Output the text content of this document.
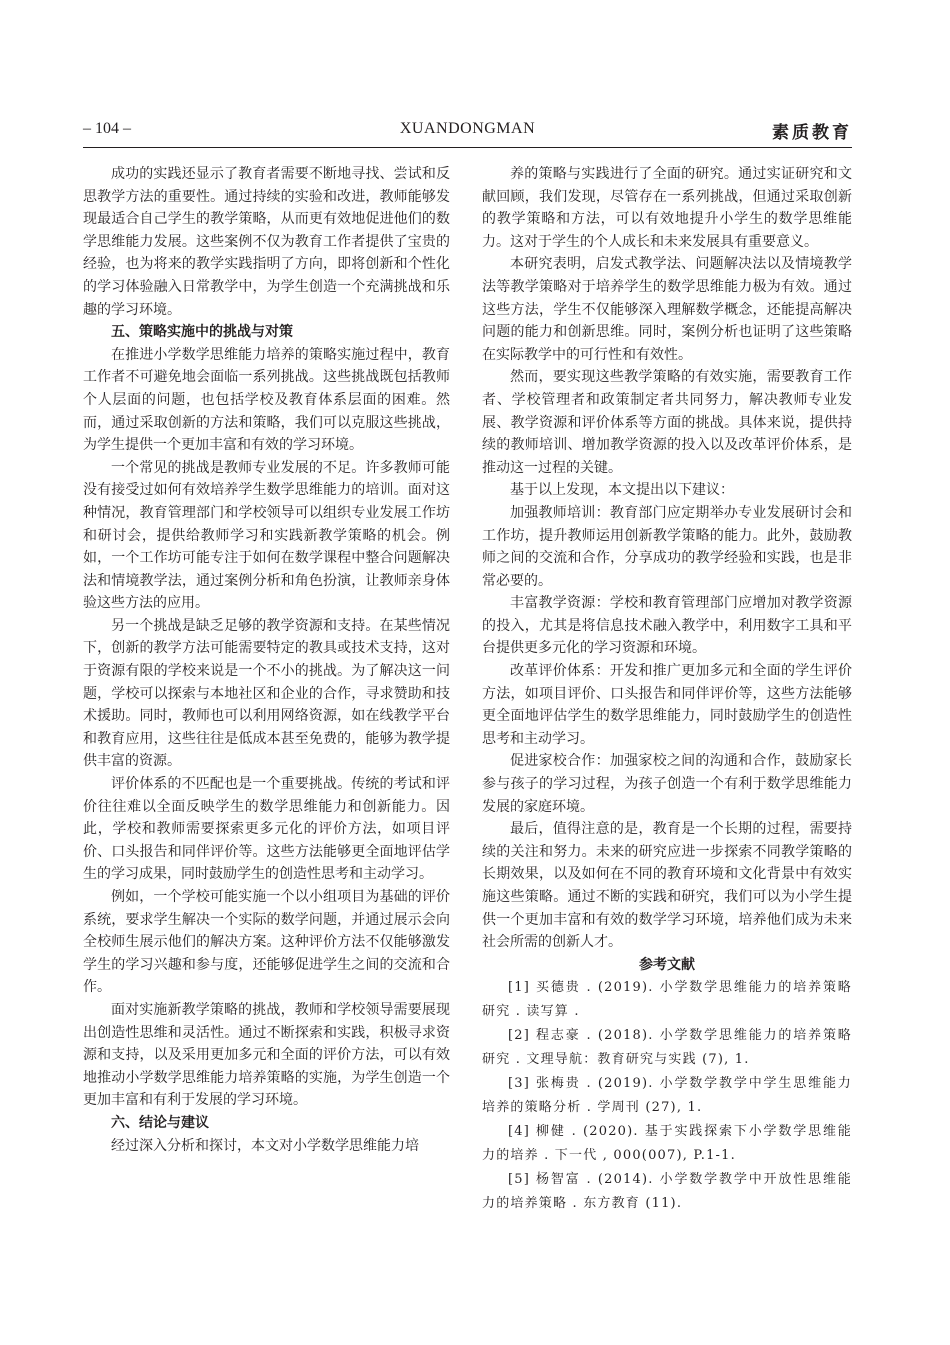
– 104 –	XUANDONGMAN	素质教育

成功的实践还显示了教育者需要不断地寻找、尝试和反思教学方法的重要性。通过持续的实验和改进，教师能够发现最适合自己学生的教学策略，从而更有效地促进他们的数学思维能力发展。这些案例不仅为教育工作者提供了宝贵的经验，也为将来的教学实践指明了方向，即将创新和个性化的学习体验融入日常教学中，为学生创造一个充满挑战和乐趣的学习环境。

五、策略实施中的挑战与对策

在推进小学数学思维能力培养的策略实施过程中，教育工作者不可避免地会面临一系列挑战。这些挑战既包括教师个人层面的问题，也包括学校及教育体系层面的困难。然而，通过采取创新的方法和策略，我们可以克服这些挑战，为学生提供一个更加丰富和有效的学习环境。

一个常见的挑战是教师专业发展的不足。许多教师可能没有接受过如何有效培养学生数学思维能力的培训。面对这种情况，教育管理部门和学校领导可以组织专业发展工作坊和研讨会，提供给教师学习和实践新教学策略的机会。例如，一个工作坊可能专注于如何在数学课程中整合问题解决法和情境教学法，通过案例分析和角色扮演，让教师亲身体验这些方法的应用。

另一个挑战是缺乏足够的教学资源和支持。在某些情况下，创新的教学方法可能需要特定的教具或技术支持，这对于资源有限的学校来说是一个不小的挑战。为了解决这一问题，学校可以探索与本地社区和企业的合作，寻求赞助和技术援助。同时，教师也可以利用网络资源，如在线教学平台和教育应用，这些往往是低成本甚至免费的，能够为教学提供丰富的资源。

评价体系的不匹配也是一个重要挑战。传统的考试和评价往往难以全面反映学生的数学思维能力和创新能力。因此，学校和教师需要探索更多元化的评价方法，如项目评价、口头报告和同伴评价等。这些方法能够更全面地评估学生的学习成果，同时鼓励学生的创造性思考和主动学习。

例如，一个学校可能实施一个以小组项目为基础的评价系统，要求学生解决一个实际的数学问题，并通过展示会向全校师生展示他们的解决方案。这种评价方法不仅能够激发学生的学习兴趣和参与度，还能够促进学生之间的交流和合作。

面对实施新教学策略的挑战，教师和学校领导需要展现出创造性思维和灵活性。通过不断探索和实践，积极寻求资源和支持，以及采用更加多元和全面的评价方法，可以有效地推动小学数学思维能力培养策略的实施，为学生创造一个更加丰富和有利于发展的学习环境。

六、结论与建议

经过深入分析和探讨，本文对小学数学思维能力培

养的策略与实践进行了全面的研究。通过实证研究和文献回顾，我们发现，尽管存在一系列挑战，但通过采取创新的教学策略和方法，可以有效地提升小学生的数学思维能力。这对于学生的个人成长和未来发展具有重要意义。

本研究表明，启发式教学法、问题解决法以及情境教学法等教学策略对于培养学生的数学思维能力极为有效。通过这些方法，学生不仅能够深入理解数学概念，还能提高解决问题的能力和创新思维。同时，案例分析也证明了这些策略在实际教学中的可行性和有效性。

然而，要实现这些教学策略的有效实施，需要教育工作者、学校管理者和政策制定者共同努力，解决教师专业发展、教学资源和评价体系等方面的挑战。具体来说，提供持续的教师培训、增加教学资源的投入以及改革评价体系，是推动这一过程的关键。

基于以上发现，本文提出以下建议：

加强教师培训：教育部门应定期举办专业发展研讨会和工作坊，提升教师运用创新教学策略的能力。此外，鼓励教师之间的交流和合作，分享成功的教学经验和实践，也是非常必要的。

丰富教学资源：学校和教育管理部门应增加对教学资源的投入，尤其是将信息技术融入教学中，利用数字工具和平台提供更多元化的学习资源和环境。

改革评价体系：开发和推广更加多元和全面的学生评价方法，如项目评价、口头报告和同伴评价等，这些方法能够更全面地评估学生的数学思维能力，同时鼓励学生的创造性思考和主动学习。

促进家校合作：加强家校之间的沟通和合作，鼓励家长参与孩子的学习过程，为孩子创造一个有利于数学思维能力发展的家庭环境。

最后，值得注意的是，教育是一个长期的过程，需要持续的关注和努力。未来的研究应进一步探索不同教学策略的长期效果，以及如何在不同的教育环境和文化背景中有效实施这些策略。通过不断的实践和研究，我们可以为小学生提供一个更加丰富和有效的数学学习环境，培养他们成为未来社会所需的创新人才。

参考文献

[1] 买德贵 . (2019). 小学数学思维能力的培养策略研究 . 读写算 .

[2] 程志豪 . (2018). 小学数学思维能力的培养策略研究 . 文理导航：教育研究与实践 (7), 1.

[3] 张梅贵 . (2019). 小学数学教学中学生思维能力培养的策略分析 . 学周刊 (27), 1.

[4] 柳健 . (2020). 基于实践探索下小学数学思维能力的培养 . 下一代 , 000(007), P.1-1.

[5] 杨智富 . (2014). 小学数学教学中开放性思维能力的培养策略 . 东方教育 (11).
